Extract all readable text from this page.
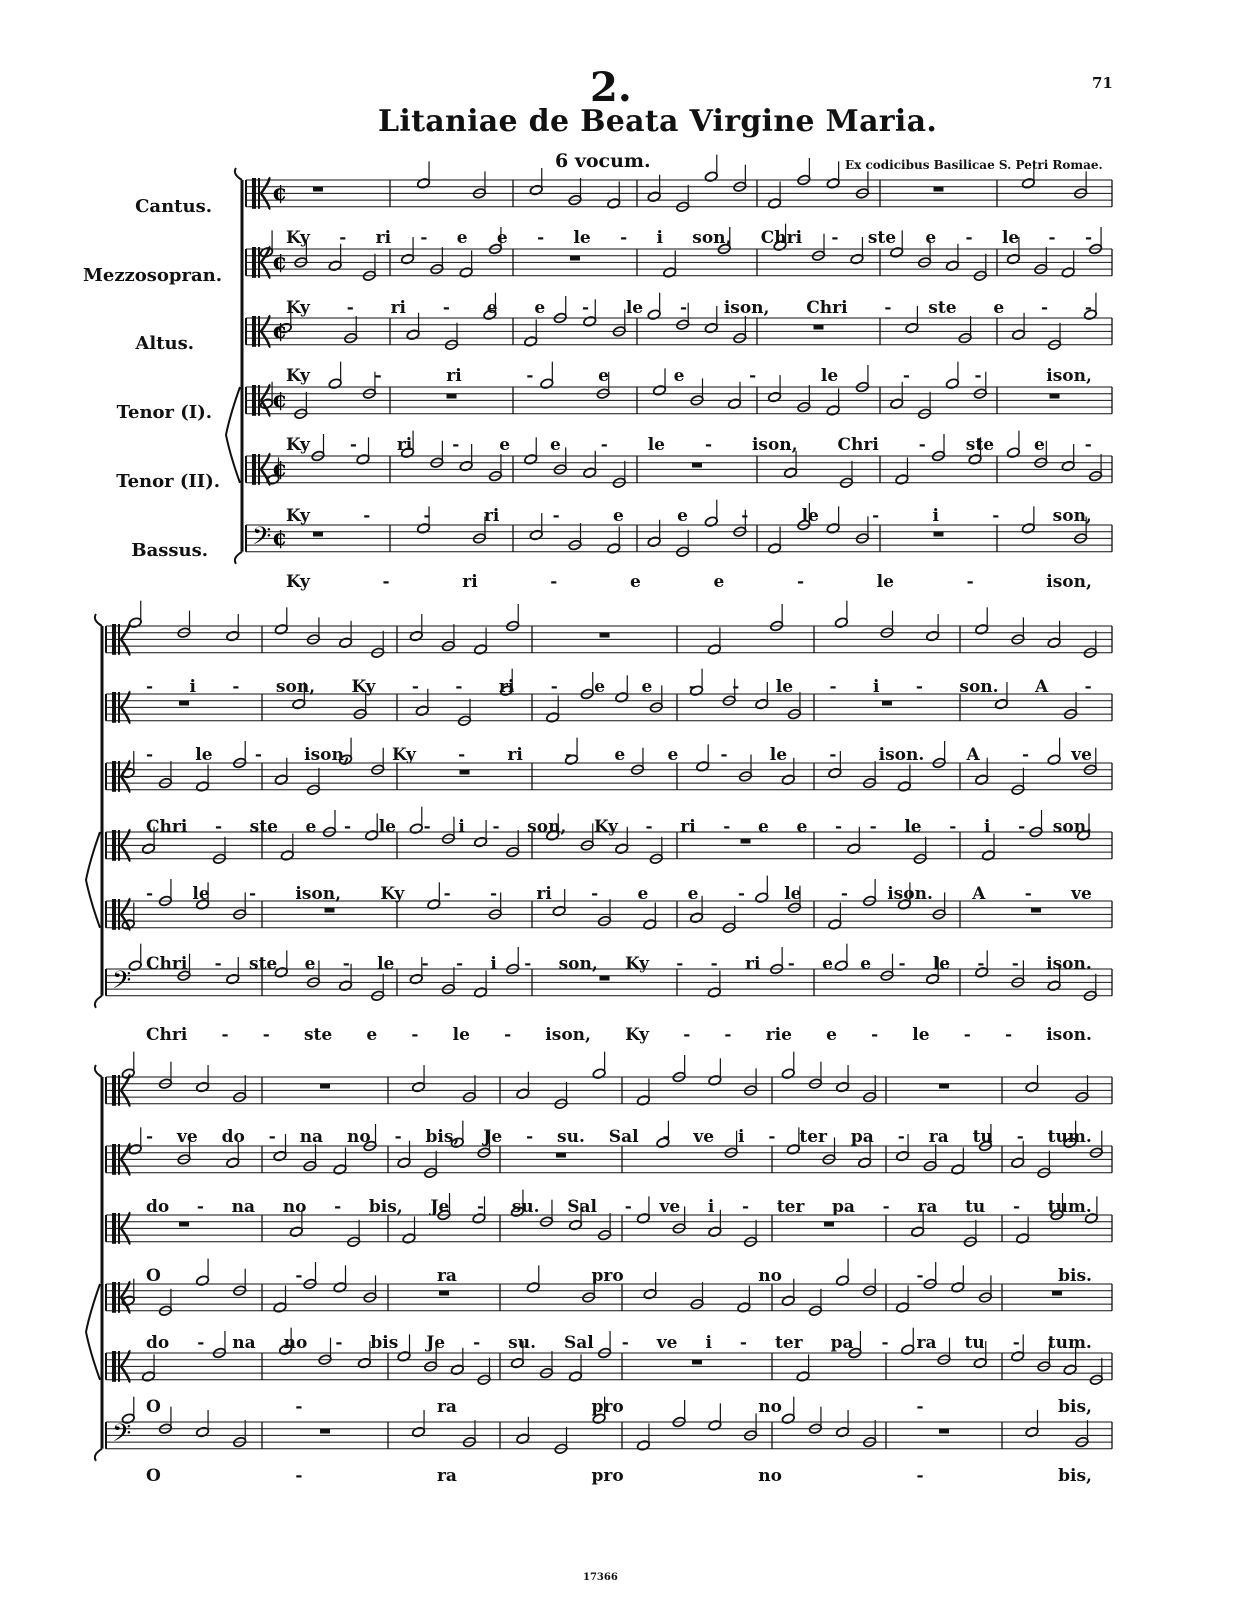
2.	71
Litaniae de Beata Virgine Maria.
6 vocum.	Ex codicibus Basilicae S. Petri Romae.
Cantus.
Mezzosopran.
Altus.
Tenor (I).
Tenor (II).
Bassus.
¢
¢
¢
¢
¢
𝄢 ¢
𝄢
𝄢
Ky - ri - e e - le - i son, Chri - ste e - le - -
Ky - ri - e e - le - ison, Chri - ste e - -
Ky	-	ri	-	e	e	-	le	-	-	ison,
Ky - ri - e e - le - ison, Chri - ste e -
Ky	-	-	ri	-	e	e	-	le	-	i	-	son,
Ky	-	ri	-	e	e	-	le	-	ison,
- i - son, Ky - - ri - e e - - le - i - son. A -
- le - ison, Ky - ri - e e - le - ison. A - ve
Chri - ste e - le - i - son, Ky - ri - e e - - le - i - son.
- le - ison, Ky - - ri - e e - le - ison. A - ve
Chri - ste e - le - - i - son, Ky - - ri - e e - le - - ison.
Chri - - ste e - le - ison, Ky - - rie e - le - - ison.
- ve do - na no - bis, Je - su. Sal - ve i - ter pa - ra tu - tum.
do - na no - bis, Je - su. Sal - ve i - ter pa - ra tu - tum.
O	-	ra	pro	no	-	bis.
do - na no - bis Je - su. Sal - ve i - ter pa - ra tu - tum.
O	-	ra	pro	no	-	bis,
O	-	ra	pro	no	-	bis,
17366
